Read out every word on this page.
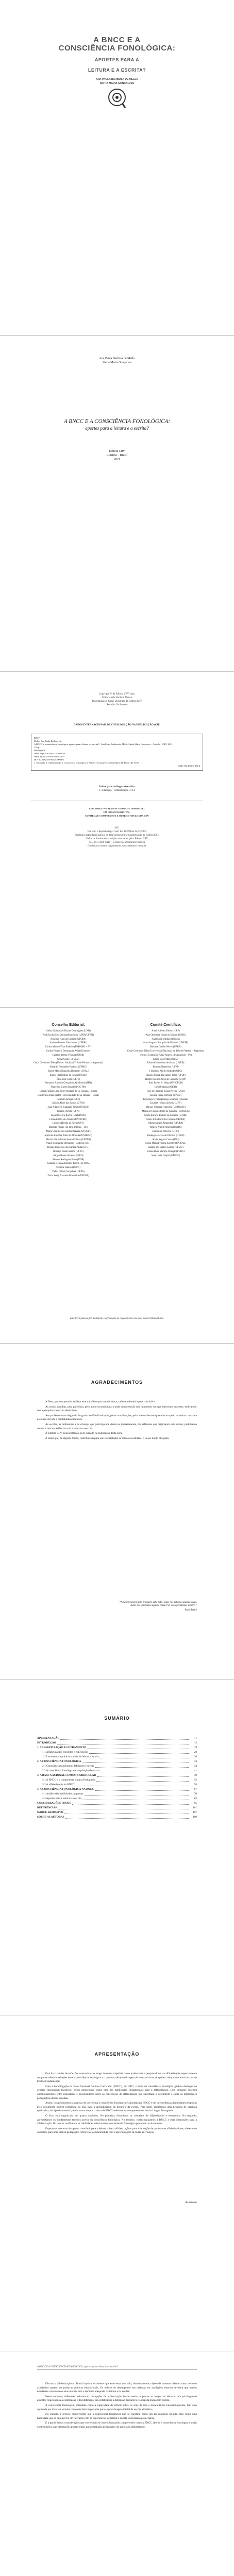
A BNCC E A
CONSCIÊNCIA FONOLÓGICA:
APORTES PARA A
LEITURA E A ESCRITA?
ANA PAULA BARBOSA DE MELLO
SINTIA MARIA GONÇALVES
Ana Paula Barbosa de Mello
Sintia Maria Gonçalves
A BNCC E A CONSCIÊNCIA FONOLÓGICA:
aportes para a leitura e a escrita?
Editora CRV
Curitiba – Brasil
2021
Copyright © da Editora CRV Ltda.
Editor-chefe: Railson Moura
Diagramação e Capa: Designers da Editora CRV
Revisão: Os Autores
DADOS INTERNACIONAIS DE CATALOGAÇÃO NA PUBLICAÇÃO (CIP)
M527
Mello, Ana Paula Barbosa de.
A BNCC e a consciência fonológica: aportes para a leitura e a escrita? / Ana Paula Barbosa de Mello, Sintia Maria Gonçalves – Curitiba : CRV, 2021.
110 p.
Bibliografia
ISBN Digital 978-65-251-0000-0
ISBN Físico 978-65-251-0000-0
DOI 10.24824/978652510000.0
1. Educação 2. Alfabetização 3. Consciência fonológica 4. BNCC I. Gonçalves, Sintia Maria. II. Título. III. Série.
CDU 372.4 CDD 372.4
Índice para catálogo sistemático
1. Educação – Alfabetização 372.4
ESTA OBRA TAMBÉM ENCONTRA-SE DISPONÍVEL
EM FORMATO DIGITAL.
CONHEÇA E COMPRE ESTE E OUTROS TÍTULOS DA CRV
2021
Foi feito o depósito legal conf. Lei 10.994 de 14/12/2004
Proibida a reprodução parcial ou total desta obra sem autorização da Editora CRV
Todos os direitos desta edição reservados pela: Editora CRV
Tel.: (41) 3039-6418 – E-mail: sac@editoracrv.com.br
Conheça os nossos lançamentos: www.editoracrv.com.br
Conselho Editorial:
Aldira Guimarães Duarte Domínguez (UNB)
Andréia da Silva Quintanilha Sousa (UNIR/UFRN)
Anselmo Alencar Colares (UFOPA)
Antônio Pereira Gaio Júnior (UFRRJ)
Carlos Alberto Vilar Estêvão (UMINHO – PT)
Carlos Federico Dominguez Avila (Unieuro)
Carmen Tereza Velanga (UNIR)
Celso Conti (UFSCar)
Cesar Gerónimo Tello (Univer. Nacional Três de Febrero – Argentina)
Eduardo Fernandes Barbosa (UFMG)
Elione Maria Nogueira Diogenes (UFAL)
Elizeu Clementino de Souza (UNEB)
Élsio José Corá (UFFS)
Fernando Antônio Gonçalves Alcoforado (IPB)
Francisco Carlos Duarte (PUC-PR)
Gloria Fariñas León (Universidade de La Havana – Cuba)
Guillermo Arias Beatón (Universidade de La Havana – Cuba)
Helmuth Krüger (UCP)
Jailson Alves dos Santos (UFRJ)
João Adalberto Campato Junior (UNESP)
Josania Portela (UFPI)
Leonel Severo Rocha (UNISINOS)
Lídia de Oliveira Xavier (UNIEURO)
Lourdes Helena da Silva (UFV)
Marcelo Paixão (UFRJ e UTexas – US)
Maria Cristina dos Santos Bezerra (UFSCar)
Maria de Lourdes Pinto de Almeida (UNOESC)
Maria Lília Imbiriba Sousa Colares (UFOPA)
Paulo Romualdo Hernandes (UNIFAL-MG)
Renato Francisco dos Santos Paula (UFG)
Rodrigo Pratte-Santos (UFES)
Sérgio Nunes de Jesus (IFRO)
Simone Rodrigues Pinto (UNB)
Solange Helena Ximenes-Rocha (UFOPA)
Sydione Santos (UEPG)
Tadeu Oliver Gonçalves (UFPA)
Tania Suely Azevedo Brasileiro (UFOPA)
Comitê Científico:
Altair Alberto Fávero (UPF)
Ana Chrystina Venancio Mignot (UERJ)
Andréia N. Militão (UEMS)
Anna Augusta Sampaio de Oliveira (UNESP)
Barbara Coelho Neves (UFBA)
Cesar Gerónimo Tello (Universidad Nacional de Três de Febrero – Argentina)
Diosnel Centurion (Univ Americ. de Asunción – Py)
Eliane Rose Maio (UEM)
Elizeu Clementino de Souza (UNEB)
Fauston Negreiros (UFPI)
Francisco Ari de Andrade (UFC)
Gláucia Maria dos Santos Jorge (UFOP)
Helder Buenos Aires de Carvalho (UFPI)
Ilma Passos A. Veiga (UNICEUB)
Inês Bragança (UERJ)
José de Ribamar Sousa Pereira (UCB)
Jussara Fraga Portugal (UNEB)
Kilwangy Kya Kapitango-a-Samba (Unemat)
Lourdes Helena da Silva (UFV)
Marcos Vinicius Francisco (UNOESTE)
Maria de Lourdes Pinto de Almeida (UNOESC)
Maria Eurácia Barreto de Andrade (UFRB)
Maria Lília Imbiriba Colares (UFOPA)
Míguel Ángel Almandoz (UFOPA)
Patrícia Vieira Pimenta (UERN)
Ramon de Oliveira (UFJF)
Rosângela Alves de Oliveira (UFRN)
Silvia Regina Canan (URI)
Sonia Maria Ferreira Koehler (UNISAL)
Suzana dos Santos Gomes (UFMG)
Vânia Alves Martins Chaigar (FURG)
Vera Lucia Gaspar (UDESC)
Este livro passou por avaliação e aprovação às cegas de dois ou mais pareceristas ad hoc.
AGRADECIMENTOS

A Deus, por nos permitir realizar este trabalho e por nos dar força, saúde e sabedoria para concluí-lo.

Às nossas famílias, pela paciência, pelo apoio incondicional e pela compreensão nos momentos em que estivemos ausentes, dedicando-nos à pesquisa e à escrita deste livro.

Aos professores e colegas do Programa de Pós-Graduação, pelas contribuições, pelas discussões enriquecedoras e pelo incentivo constante ao longo de toda a caminhada acadêmica.

Às escolas, às professoras e às crianças que participaram, direta ou indiretamente, das reflexões que originaram este estudo, partilhando conosco suas experiências com a leitura e a escrita.

À Editora CRV, pela acolhida e pelo cuidado na publicação desta obra.

A todos que, de alguma forma, contribuíram para que este trabalho se tornasse realidade, o nosso muito obrigada.

“Ninguém ignora tudo. Ninguém sabe tudo. Todos nós sabemos alguma coisa. Todos nós ignoramos alguma coisa. Por isso aprendemos sempre.”
Paulo Freire
SUMÁRIO
APRESENTAÇÃO	11
INTRODUÇÃO	13
1. ALFABETIZAÇÃO E LETRAMENTO	19
1.1 Alfabetização: conceitos e concepções	20
1.2 Letramento e práticas sociais de leitura e escrita	26
2. A CONSCIÊNCIA FONOLÓGICA	33
2.1 Consciência fonológica: definições e níveis	34
2.2 A consciência fonológica e a aquisição da escrita	41
3. A BASE NACIONAL COMUM CURRICULAR	49
3.1 A BNCC e o componente Língua Portuguesa	52
3.2 A alfabetização na BNCC	58
4. A CONSCIÊNCIA FONOLÓGICA NA BNCC	67
4.1 Análise das habilidades propostas	70
4.2 Aportes para a leitura e a escrita	82
CONSIDERAÇÕES FINAIS	95
REFERÊNCIAS	101
ÍNDICE REMISSIVO	107
SOBRE AS AUTORAS	109
APRESENTAÇÃO

Este livro resulta de reflexões construídas ao longo de nossa trajetória como professoras e pesquisadoras da alfabetização, especialmente no que se refere às relações entre a consciência fonológica e o processo de aprendizagem da leitura e da escrita pelas crianças nos anos iniciais do Ensino Fundamental.

Com a homologação da Base Nacional Comum Curricular (BNCC), em 2017, o tema da consciência fonológica ganhou destaque no cenário educacional brasileiro, sendo apresentado como uma das habilidades fundamentais para a alfabetização. Esse destaque suscitou questionamentos entre educadores e pesquisadores sobre as concepções de alfabetização que sustentam o documento e sobre as implicações pedagógicas dessas escolhas.

Assim, nos propusemos a analisar de que forma a consciência fonológica é abordada na BNCC e em que medida as habilidades propostas pelo documento podem contribuir, ou não, para a aprendizagem da leitura e da escrita. Para tanto, realizamos uma pesquisa de natureza qualitativa, do tipo documental, tendo como corpus o texto da BNCC referente ao componente curricular Língua Portuguesa.

O livro está organizado em quatro capítulos. No primeiro, discutimos os conceitos de alfabetização e letramento. No segundo, apresentamos os fundamentos teóricos acerca da consciência fonológica. No terceiro, contextualizamos a BNCC e suas orientações para a alfabetização. No quarto, analisamos as habilidades relacionadas à consciência fonológica presentes no documento.

Esperamos que esta obra possa contribuir para o debate sobre a alfabetização e para a formação de professores alfabetizadores, oferecendo subsídios para uma prática pedagógica reflexiva e comprometida com a aprendizagem de todas as crianças.

As autoras
A BNCC E A CONSCIÊNCIA FONOLÓGICA: aportes para a leitura e a escrita?

Discutir a alfabetização no Brasil implica reconhecer que esse tema tem sido, historicamente, objeto de intensos debates, tanto no meio acadêmico quanto nas políticas públicas educacionais. Os índices de desempenho das crianças em avaliações externas revelam que muitos estudantes concluem os anos iniciais sem o domínio adequado da leitura e da escrita.

Nesse contexto, diferentes métodos e concepções de alfabetização foram sendo propostos ao longo das décadas, ora privilegiando aspectos relacionados à codificação e decodificação, ora enfatizando a dimensão discursiva e social da linguagem escrita.

A consciência fonológica, entendida como a capacidade de refletir sobre os sons da fala e manipulá-los intencionalmente, tem sido apontada por diversos estudos como um fator importante para a aprendizagem inicial da escrita alfabética.

No entanto, é preciso compreender que a consciência fonológica não se constitui como um pré-requisito isolado, mas como uma habilidade que se desenvolve em interação com as experiências de leitura e escrita vivenciadas pela criança.

É a partir dessas considerações que este estudo se insere, buscando compreender como a BNCC aborda a consciência fonológica e quais contribuições suas orientações podem trazer para o trabalho pedagógico do professor alfabetizador.
